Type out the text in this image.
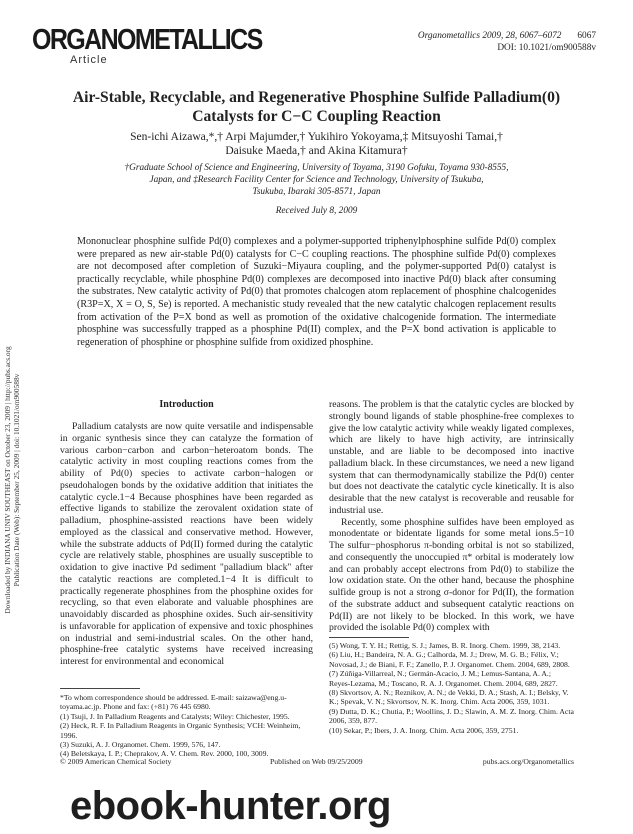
ORGANOMETALLICS
Article
Organometallics 2009, 28, 6067–6072 6067
DOI: 10.1021/om900588v
Air-Stable, Recyclable, and Regenerative Phosphine Sulfide Palladium(0) Catalysts for C−C Coupling Reaction
Sen-ichi Aizawa,*,† Arpi Majumder,† Yukihiro Yokoyama,‡ Mitsuyoshi Tamai,†
Daisuke Maeda,† and Akina Kitamura†
†Graduate School of Science and Engineering, University of Toyama, 3190 Gofuku, Toyama 930-8555,
Japan, and ‡Research Facility Center for Science and Technology, University of Tsukuba,
Tsukuba, Ibaraki 305-8571, Japan
Received July 8, 2009
Mononuclear phosphine sulfide Pd(0) complexes and a polymer-supported triphenylphosphine sulfide Pd(0) complex were prepared as new air-stable Pd(0) catalysts for C−C coupling reactions. The phosphine sulfide Pd(0) complexes are not decomposed after completion of Suzuki−Miyaura coupling, and the polymer-supported Pd(0) catalyst is practically recyclable, while phosphine Pd(0) complexes are decomposed into inactive Pd(0) black after consuming the substrates. New catalytic activity of Pd(0) that promotes chalcogen atom replacement of phosphine chalcogenides (R3P=X, X = O, S, Se) is reported. A mechanistic study revealed that the new catalytic chalcogen replacement results from activation of the P=X bond as well as promotion of the oxidative chalcogenide formation. The intermediate phosphine was successfully trapped as a phosphine Pd(II) complex, and the P=X bond activation is applicable to regeneration of phosphine or phosphine sulfide from oxidized phosphine.
Downloaded by INDIANA UNIV SOUTHEAST on October 23, 2009 | http://pubs.acs.org Publication Date (Web): September 25, 2009 | doi: 10.1021/om900588v	Introduction

Palladium catalysts are now quite versatile and indispensable in organic synthesis since they can catalyze the formation of various carbon−carbon and carbon−heteroatom bonds. The catalytic activity in most coupling reactions comes from the ability of Pd(0) species to activate carbon−halogen or pseudohalogen bonds by the oxidative addition that initiates the catalytic cycle.1−4 Because phosphines have been regarded as effective ligands to stabilize the zerovalent oxidation state of palladium, phosphine-assisted reactions have been widely employed as the classical and conservative method. However, while the substrate adducts of Pd(II) formed during the catalytic cycle are relatively stable, phosphines are usually susceptible to oxidation to give inactive Pd sediment "palladium black" after the catalytic reactions are completed.1−4 It is difficult to practically regenerate phosphines from the phosphine oxides for recycling, so that even elaborate and valuable phosphines are unavoidably discarded as phosphine oxides. Such air-sensitivity is unfavorable for application of expensive and toxic phosphines on industrial and semi-industrial scales. On the other hand, phosphine-free catalytic systems have received increasing interest for environmental and economical

reasons. The problem is that the catalytic cycles are blocked by strongly bound ligands of stable phosphine-free complexes to give the low catalytic activity while weakly ligated complexes, which are likely to have high activity, are intrinsically unstable, and are liable to be decomposed into inactive palladium black. In these circumstances, we need a new ligand system that can thermodynamically stabilize the Pd(0) center but does not deactivate the catalytic cycle kinetically. It is also desirable that the new catalyst is recoverable and reusable for industrial use.

Recently, some phosphine sulfides have been employed as monodentate or bidentate ligands for some metal ions.5−10 The sulfur−phosphorus π-bonding orbital is not so stabilized, and consequently the unoccupied π* orbital is moderately low and can probably accept electrons from Pd(0) to stabilize the low oxidation state. On the other hand, because the phosphine sulfide group is not a strong σ-donor for Pd(II), the formation of the substrate adduct and subsequent catalytic reactions on Pd(II) are not likely to be blocked. In this work, we have provided the isolable Pd(0) complex with

*To whom correspondence should be addressed. E-mail: saizawa@eng.u-toyama.ac.jp. Phone and fax: (+81) 76 445 6980.
(1) Tsuji, J. In Palladium Reagents and Catalysts; Wiley: Chichester, 1995.
(2) Heck, R. F. In Palladium Reagents in Organic Synthesis; VCH: Weinheim, 1996.
(3) Suzuki, A. J. Organomet. Chem. 1999, 576, 147.
(4) Beletskaya, I. P.; Cheprakov, A. V. Chem. Rev. 2000, 100, 3009.
(5) Wong, T. Y. H.; Rettig, S. J.; James, B. R. Inorg. Chem. 1999, 38, 2143.
(6) Liu, H.; Bandeira, N. A. G.; Calhorda, M. J.; Drew, M. G. B.; Félix, V.; Novosad, J.; de Biani, F. F.; Zanello, P. J. Organomet. Chem. 2004, 689, 2808.
(7) Zúñiga-Villarreal, N.; Germán-Acacio, J. M.; Lemus-Santana, A. A.; Reyes-Lezama, M.; Toscano, R. A. J. Organomet. Chem. 2004, 689, 2827.
(8) Skvortsov, A. N.; Reznikov, A. N.; de Vekki, D. A.; Stash, A. I.; Belsky, V. K.; Spevak, V. N.; Skvortsov, N. K. Inorg. Chim. Acta 2006, 359, 1031.
(9) Dutta, D. K.; Chutia, P.; Woollins, J. D.; Slawin, A. M. Z. Inorg. Chim. Acta 2006, 359, 877.
(10) Sekar, P.; Ibers, J. A. Inorg. Chim. Acta 2006, 359, 2751.
© 2009 American Chemical Society	Published on Web 09/25/2009	pubs.acs.org/Organometallics
ebook-hunter.org
